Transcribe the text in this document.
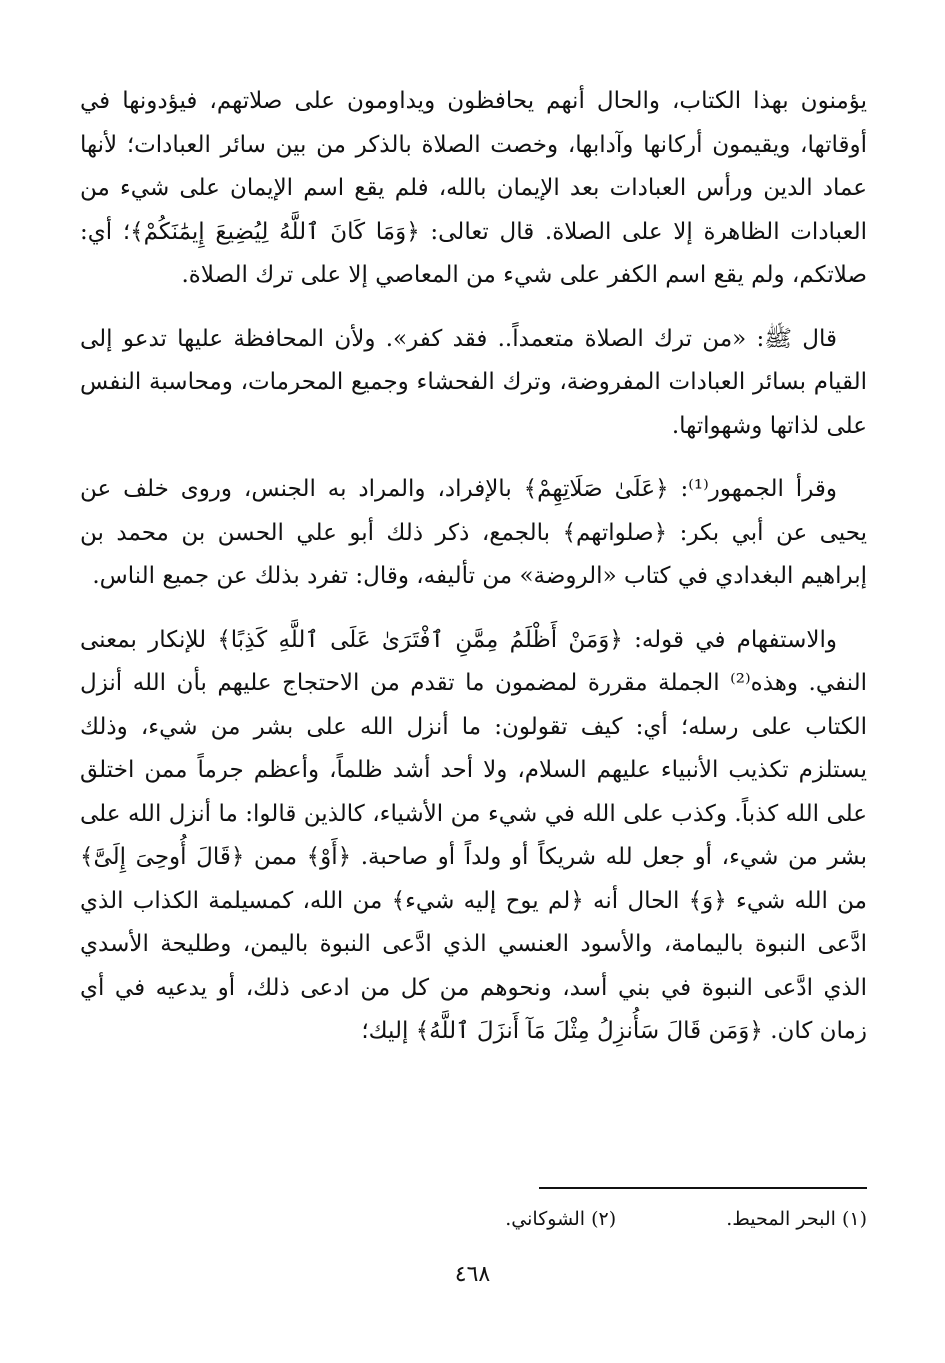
يؤمنون بهذا الكتاب، والحال أنهم يحافظون ويداومون على صلاتهم، فيؤدونها في أوقاتها، ويقيمون أركانها وآدابها، وخصت الصلاة بالذكر من بين سائر العبادات؛ لأنها عماد الدين ورأس العبادات بعد الإيمان بالله، فلم يقع اسم الإيمان على شيء من العبادات الظاهرة إلا على الصلاة. قال تعالى: ﴿وَمَا كَانَ ٱللَّهُ لِيُضِيعَ إِيمَٰنَكُمْ﴾؛ أي: صلاتكم، ولم يقع اسم الكفر على شيء من المعاصي إلا على ترك الصلاة.

قال ﷺ: «من ترك الصلاة متعمداً.. فقد كفر». ولأن المحافظة عليها تدعو إلى القيام بسائر العبادات المفروضة، وترك الفحشاء وجميع المحرمات، ومحاسبة النفس على لذاتها وشهواتها.

وقرأ الجمهور⁽¹⁾: ﴿عَلَىٰ صَلَاتِهِمْ﴾ بالإفراد، والمراد به الجنس، وروى خلف عن يحيى عن أبي بكر: ﴿صلواتهم﴾ بالجمع، ذكر ذلك أبو علي الحسن بن محمد بن إبراهيم البغدادي في كتاب «الروضة» من تأليفه، وقال: تفرد بذلك عن جميع الناس.

والاستفهام في قوله: ﴿وَمَنْ أَظْلَمُ مِمَّنِ ٱفْتَرَىٰ عَلَى ٱللَّهِ كَذِبًا﴾ للإنكار بمعنى النفي. وهذه⁽²⁾ الجملة مقررة لمضمون ما تقدم من الاحتجاج عليهم بأن الله أنزل الكتاب على رسله؛ أي: كيف تقولون: ما أنزل الله على بشر من شيء، وذلك يستلزم تكذيب الأنبياء عليهم السلام، ولا أحد أشد ظلماً، وأعظم جرماً ممن اختلق على الله كذباً. وكذب على الله في شيء من الأشياء، كالذين قالوا: ما أنزل الله على بشر من شيء، أو جعل لله شريكاً أو ولداً أو صاحبة. ﴿أَوْ﴾ ممن ﴿قَالَ أُوحِىَ إِلَىَّ﴾ من الله شيء ﴿وَ﴾ الحال أنه ﴿لم يوح إليه شيء﴾ من الله، كمسيلمة الكذاب الذي ادَّعى النبوة باليمامة، والأسود العنسي الذي ادَّعى النبوة باليمن، وطليحة الأسدي الذي ادَّعى النبوة في بني أسد، ونحوهم من كل من ادعى ذلك، أو يدعيه في أي زمان كان. ﴿وَمَن قَالَ سَأُنزِلُ مِثْلَ مَآ أَنزَلَ ٱللَّهُ﴾ إليك؛

(١) البحر المحيط.
(٢) الشوكاني.
٤٦٨
